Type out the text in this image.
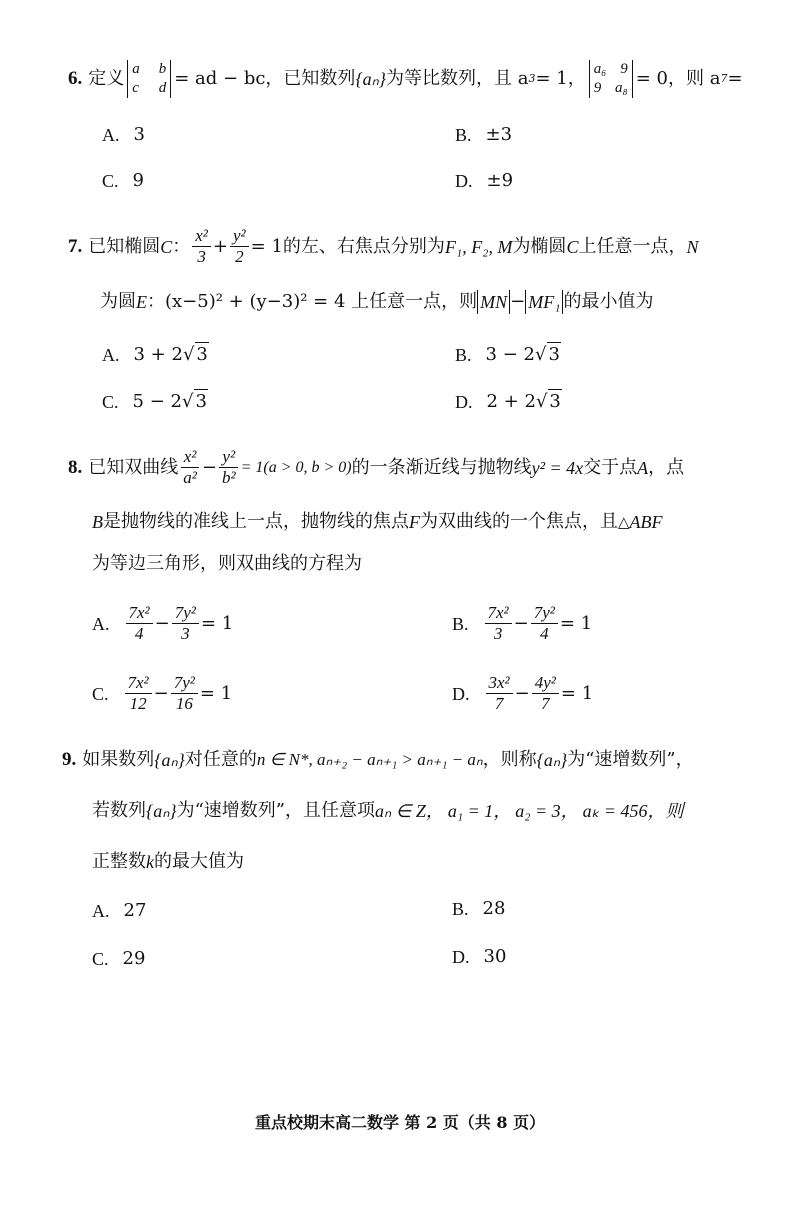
6. 定义 a b
c d = ad − bc，已知数列 {aₙ} 为等比数列，且 a 3 = 1， a₆ 9
9 a₈ = 0，则 a 7 =
A. 3	B. ±3
C. 9	D. ±9
7. 已知椭圆 C ： $\frac{\text{x²}}{3} + \frac{\text{y²}}{2} = 1$的左、右焦点分别为 F₁, F₂, M 为椭圆 C 上任意一点， N
为圆 E ：(x−5)² + (y−3)² = 4 上任意一点，则 MN − MF₁ 的最小值为
A. 3 + 2 √ 3	B. 3 − 2 √ 3
C. 5 − 2 √ 3	D. 2 + 2 √ 3
8. 已知双曲线 $\frac{\text{x²}}{\text{a²}} - \frac{\text{y²}}{\text{b²}} = 1(a > 0$, b > 0) 的一条渐近线与抛物线 y² = 4x 交于点 A ，点
B 是抛物线的准线上一点，抛物线的焦点 F 为双曲线的一个焦点，且 △ ABF
为等边三角形，则双曲线的方程为
A. $\frac{\text{7x²}}{4} - \frac{\text{7y²}}{3} = 1$	B. $\frac{\text{7x²}}{3} - \frac{\text{7y²}}{4} = 1$
C. $\frac{\text{7x²}}{12} - \frac{\text{7y²}}{16} = 1$	D. $\frac{\text{3x²}}{7} - \frac{\text{4y²}}{7} = 1$
9. 如果数列 {aₙ} 对任意的 n ∈ N*, aₙ₊₂ − aₙ₊₁ > aₙ₊₁ − aₙ ，则称 {aₙ} 为“速增数列”，
若数列 {aₙ} 为“速增数列”，且任意项 aₙ ∈ Z， a₁ = 1， a₂ = 3， aₖ = 456，则
正整数 k 的最大值为
A. 27	B. 28
C. 29	D. 30
重点校期末高二数学 第 2 页（共 8 页）
